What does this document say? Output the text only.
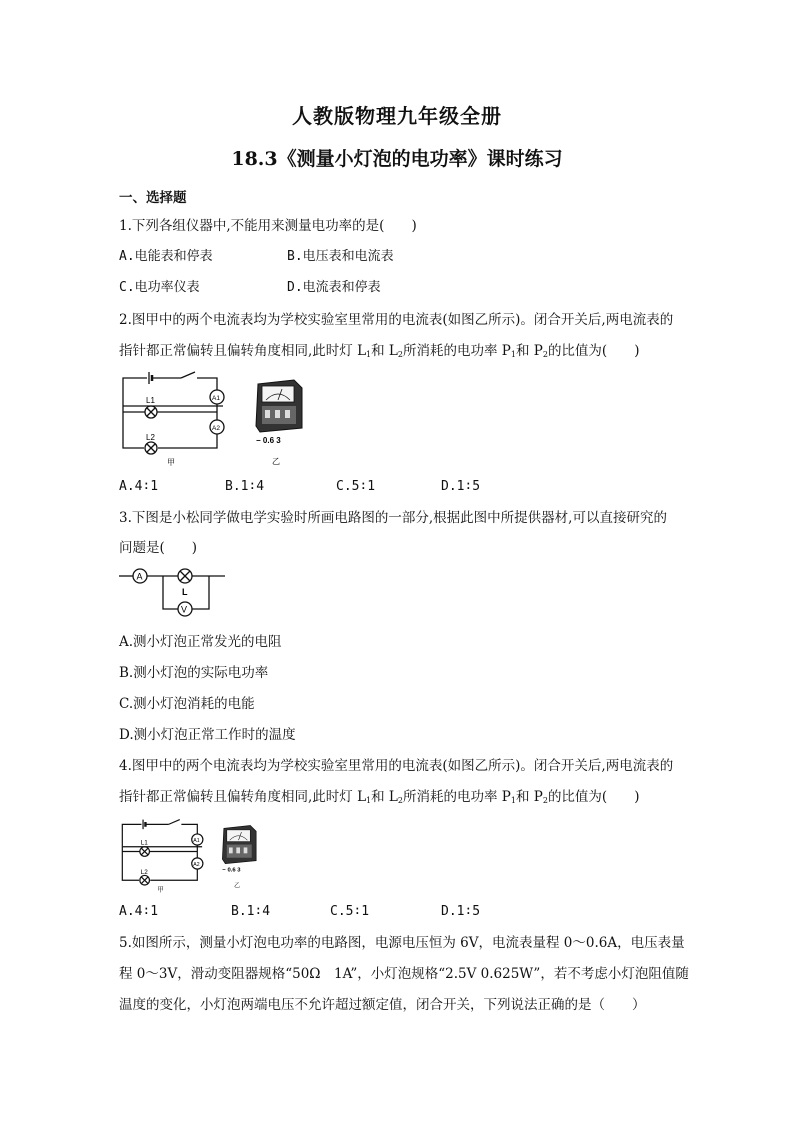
人教版物理九年级全册
18.3《测量小灯泡的电功率》课时练习
一、选择题
1.下列各组仪器中,不能用来测量电功率的是(　　)
A.电能表和停表	B.电压表和电流表
C.电功率仪表	D.电流表和停表
2.图甲中的两个电流表均为学校实验室里常用的电流表(如图乙所示)。闭合开关后,两电流表的
指针都正常偏转且偏转角度相同,此时灯 $L_1$和 $L_2$所消耗的电功率 $P_1$和 $P_2$的比值为(　　)
L1
L2
A1
A2
甲
− 0.6 3
乙
A.4∶1	B.1∶4	C.5∶1	D.1∶5
3.下图是小松同学做电学实验时所画电路图的一部分,根据此图中所提供器材,可以直接研究的
问题是(　　)
A
V
L
A.测小灯泡正常发光的电阻
B.测小灯泡的实际电功率
C.测小灯泡消耗的电能
D.测小灯泡正常工作时的温度
4.图甲中的两个电流表均为学校实验室里常用的电流表(如图乙所示)。闭合开关后,两电流表的
指针都正常偏转且偏转角度相同,此时灯 $L_1$和 $L_2$所消耗的电功率 $P_1$和 $P_2$的比值为(　　)
L1
L2
A1
A2
甲
− 0.6 3
乙
A.4∶1	B.1∶4	C.5∶1	D.1∶5
5.如图所示，测量小灯泡电功率的电路图，电源电压恒为 6V，电流表量程 0～0.6A，电压表量
程 0～3V，滑动变阻器规格“50Ω　1A”，小灯泡规格“2.5V 0.625W”，若不考虑小灯泡阻值随
温度的变化，小灯泡两端电压不允许超过额定值，闭合开关，下列说法正确的是（　　）
